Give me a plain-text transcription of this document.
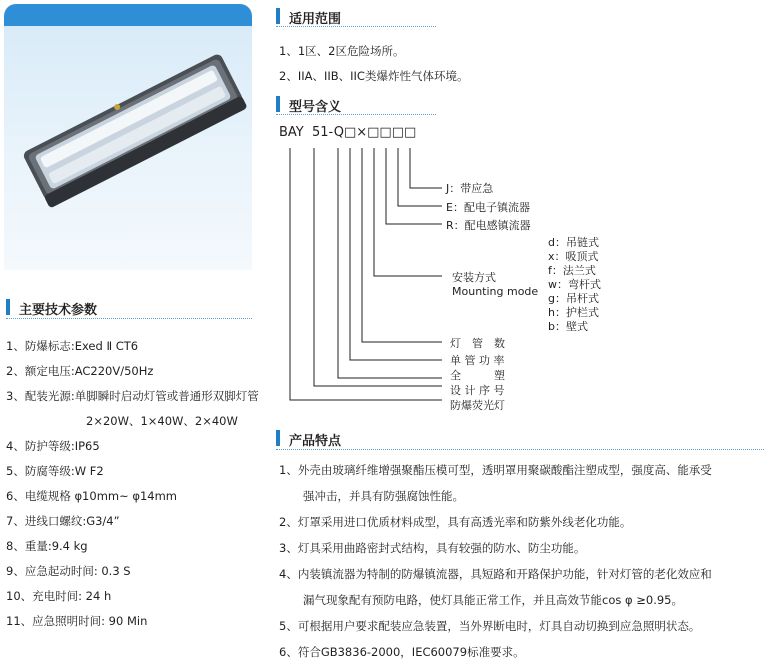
主要技术参数
1、防爆标志:Exed Ⅱ CT6
2、额定电压:AC220V/50Hz
3、配装光源:单脚瞬时启动灯管或普通形双脚灯管
2×20W、1×40W、2×40W
4、防护等级:IP65
5、防腐等级:W F2
6、电缆规格 φ10mm~ φ14mm
7、进线口螺纹:G3/4”
8、重量:9.4 kg
9、应急起动时间: 0.3 S
10、充电时间: 24 h
11、应急照明时间: 90 Min
适用范围
1、1区、2区危险场所。
2、IIA、IIB、IIC类爆炸性气体环境。
型号含义
BAY  51-Q□×□□□□
J：带应急
E：配电子镇流器
R：配电感镇流器
安装方式
Mounting mode
d：吊链式
x：吸顶式
f：法兰式
w：弯杆式
g：吊杆式
h：护栏式
b：壁式
灯　管　数
单 管 功 率
全　　　塑
设 计 序 号
防爆荧光灯
产品特点
1、外壳由玻璃纤维增强聚酯压模可型，透明罩用聚碳酸酯注塑成型，强度高、能承受
强冲击，并具有防强腐蚀性能。
2、灯罩采用进口优质材料成型，具有高透光率和防紫外线老化功能。
3、灯具采用曲路密封式结构，具有较强的防水、防尘功能。
4、内装镇流器为特制的防爆镇流器，具短路和开路保护功能，针对灯管的老化效应和
漏气现象配有预防电路，使灯具能正常工作，并且高效节能cos φ ≥0.95。
5、可根据用户要求配装应急装置，当外界断电时，灯具自动切换到应急照明状态。
6、符合GB3836-2000，IEC60079标准要求。
